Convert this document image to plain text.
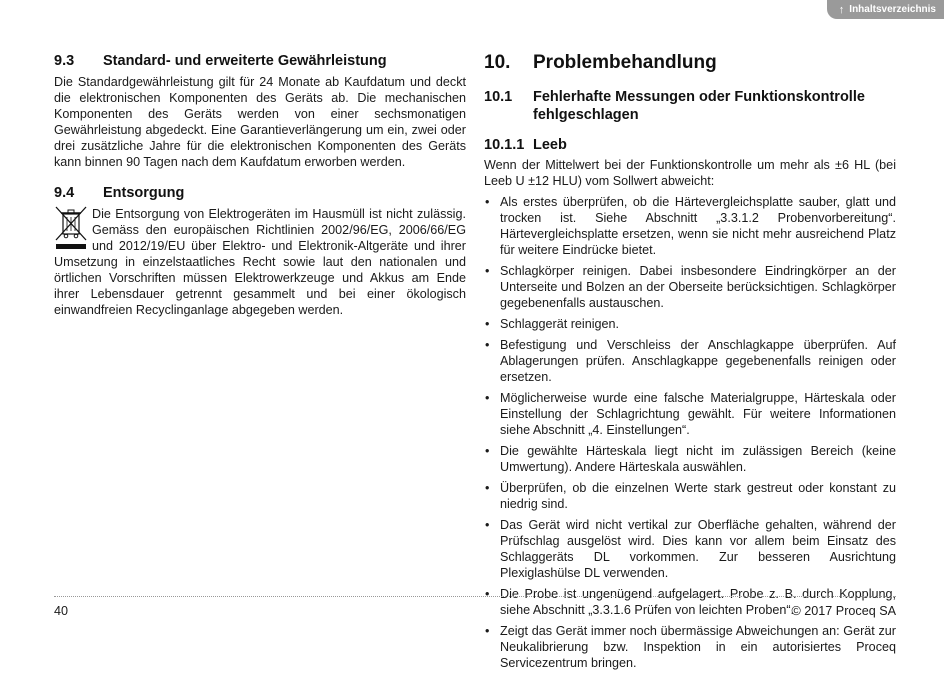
↑ Inhaltsverzeichnis
9.3	Standard- und erweiterte Gewährleistung

Die Standardgewährleistung gilt für 24 Monate ab Kaufdatum und deckt die elektronischen Komponenten des Geräts ab. Die mechanischen Komponenten des Geräts werden von einer sechsmonatigen Gewährleistung abgedeckt. Eine Garantieverlängerung um ein, zwei oder drei zusätzliche Jahre für die elektronischen Komponenten des Geräts kann binnen 90 Tagen nach dem Kaufdatum erworben werden.

9.4	Entsorgung

Die Entsorgung von Elektrogeräten im Hausmüll ist nicht zulässig. Gemäss den europäischen Richtlinien 2002/96/EG, 2006/66/EG und 2012/19/EU über Elektro- und Elektronik-Altgeräte und ihrer Umsetzung in einzelstaatliches Recht sowie laut den nationalen und örtlichen Vorschriften müssen Elektrowerkzeuge und Akkus am Ende ihrer Lebensdauer getrennt gesammelt und bei einer ökologisch einwandfreien Recyclinganlage abgegeben werden.

10.	Problembehandlung
10.1	Fehlerhafte Messungen oder Funktionskontrolle fehlgeschlagen
10.1.1 Leeb

Wenn der Mittelwert bei der Funktionskontrolle um mehr als ±6 HL (bei Leeb U ±12 HLU) vom Sollwert abweicht:

• Als erstes überprüfen, ob die Härtevergleichsplatte sauber, glatt und trocken ist. Siehe Abschnitt „3.3.1.2 Probenvorbereitung“. Härtevergleichsplatte ersetzen, wenn sie nicht mehr ausreichend Platz für weitere Eindrücke bietet.
• Schlagkörper reinigen. Dabei insbesondere Eindringkörper an der Unterseite und Bolzen an der Oberseite berücksichtigen. Schlagkörper gegebenenfalls austauschen.
• Schlaggerät reinigen.
• Befestigung und Verschleiss der Anschlagkappe überprüfen. Auf Ablagerungen prüfen. Anschlagkappe gegebenenfalls reinigen oder ersetzen.
• Möglicherweise wurde eine falsche Materialgruppe, Härteskala oder Einstellung der Schlagrichtung gewählt. Für weitere Informationen siehe Abschnitt „4. Einstellungen“.
• Die gewählte Härteskala liegt nicht im zulässigen Bereich (keine Umwertung). Andere Härteskala auswählen.
• Überprüfen, ob die einzelnen Werte stark gestreut oder konstant zu niedrig sind.
• Das Gerät wird nicht vertikal zur Oberfläche gehalten, während der Prüfschlag ausgelöst wird. Dies kann vor allem beim Einsatz des Schlaggeräts DL vorkommen. Zur besseren Ausrichtung Plexiglashülse DL verwenden.
• Die Probe ist ungenügend aufgelagert. Probe z. B. durch Kopplung, siehe Abschnitt „3.3.1.6 Prüfen von leichten Proben“.
• Zeigt das Gerät immer noch übermässige Abweichungen an: Gerät zur Neukalibrierung bzw. Inspektion in ein autorisiertes Proceq Servicezentrum bringen.
40	© 2017 Proceq SA
